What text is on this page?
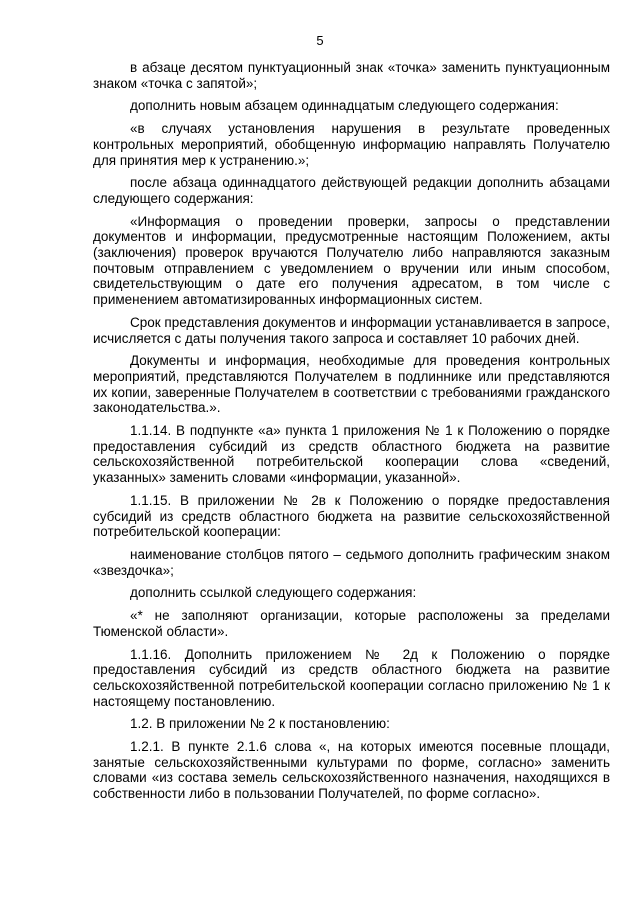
5

в абзаце десятом пунктуационный знак «точка» заменить пунктуационным знаком «точка с запятой»;

дополнить новым абзацем одиннадцатым следующего содержания:

«в случаях установления нарушения в результате проведенных контрольных мероприятий, обобщенную информацию направлять Получателю для принятия мер к устранению.»;

после абзаца одиннадцатого действующей редакции дополнить абзацами следующего содержания:

«Информация о проведении проверки, запросы о представлении документов и информации, предусмотренные настоящим Положением, акты (заключения) проверок вручаются Получателю либо направляются заказным почтовым отправлением с уведомлением о вручении или иным способом, свидетельствующим о дате его получения адресатом, в том числе с применением автоматизированных информационных систем.

Срок представления документов и информации устанавливается в запросе, исчисляется с даты получения такого запроса и составляет 10 рабочих дней.

Документы и информация, необходимые для проведения контрольных мероприятий, представляются Получателем в подлиннике или представляются их копии, заверенные Получателем в соответствии с требованиями гражданского законодательства.».

1.1.14. В подпункте «а» пункта 1 приложения № 1 к Положению о порядке предоставления субсидий из средств областного бюджета на развитие сельскохозяйственной потребительской кооперации слова «сведений, указанных» заменить словами «информации, указанной».

1.1.15. В приложении № 2в к Положению о порядке предоставления субсидий из средств областного бюджета на развитие сельскохозяйственной потребительской кооперации:

наименование столбцов пятого – седьмого дополнить графическим знаком «звездочка»;

дополнить ссылкой следующего содержания:

«* не заполняют организации, которые расположены за пределами Тюменской области».

1.1.16. Дополнить приложением № 2д к Положению о порядке предоставления субсидий из средств областного бюджета на развитие сельскохозяйственной потребительской кооперации согласно приложению № 1 к настоящему постановлению.

1.2. В приложении № 2 к постановлению:

1.2.1. В пункте 2.1.6 слова «, на которых имеются посевные площади, занятые сельскохозяйственными культурами по форме, согласно» заменить словами «из состава земель сельскохозяйственного назначения, находящихся в собственности либо в пользовании Получателей, по форме согласно».
